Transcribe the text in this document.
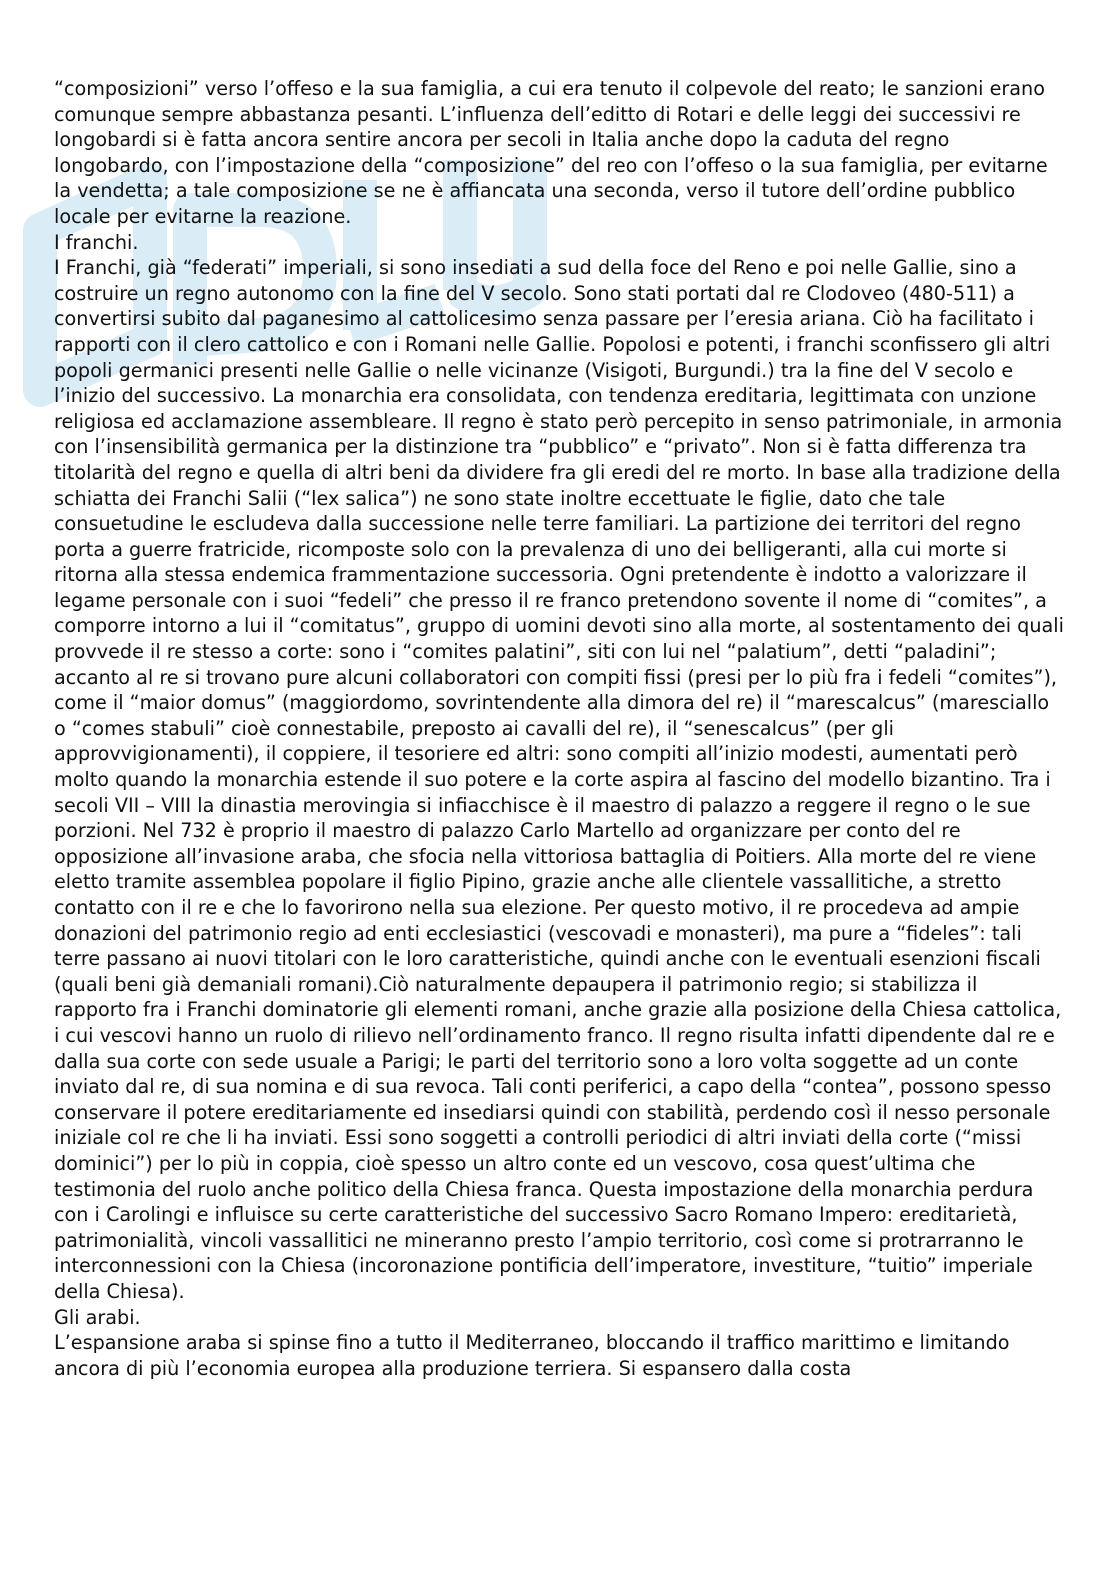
“composizioni” verso l’offeso e la sua famiglia, a cui era tenuto il colpevole del reato; le sanzioni erano comunque sempre abbastanza pesanti. L’influenza dell’editto di Rotari e delle leggi dei successivi re longobardi si è fatta ancora sentire ancora per secoli in Italia anche dopo la caduta del regno longobardo, con l’impostazione della “composizione” del reo con l’offeso o la sua famiglia, per evitarne la vendetta; a tale composizione se ne è affiancata una seconda, verso il tutore dell’ordine pubblico locale per evitarne la reazione.

I franchi.

I Franchi, già “federati” imperiali, si sono insediati a sud della foce del Reno e poi nelle Gallie, sino a costruire un regno autonomo con la fine del V secolo. Sono stati portati dal re Clodoveo (480-511) a convertirsi subito dal paganesimo al cattolicesimo senza passare per l’eresia ariana. Ciò ha facilitato i rapporti con il clero cattolico e con i Romani nelle Gallie. Popolosi e potenti, i franchi sconfissero gli altri popoli germanici presenti nelle Gallie o nelle vicinanze (Visigoti, Burgundi.) tra la fine del V secolo e l’inizio del successivo. La monarchia era consolidata, con tendenza ereditaria, legittimata con unzione religiosa ed acclamazione assembleare. Il regno è stato però percepito in senso patrimoniale, in armonia con l’insensibilità germanica per la distinzione tra “pubblico” e “privato”. Non si è fatta differenza tra titolarità del regno e quella di altri beni da dividere fra gli eredi del re morto. In base alla tradizione della schiatta dei Franchi Salii (“lex salica”) ne sono state inoltre eccettuate le figlie, dato che tale consuetudine le escludeva dalla successione nelle terre familiari. La partizione dei territori del regno porta a guerre fratricide, ricomposte solo con la prevalenza di uno dei belligeranti, alla cui morte si ritorna alla stessa endemica frammentazione successoria. Ogni pretendente è indotto a valorizzare il legame personale con i suoi “fedeli” che presso il re franco pretendono sovente il nome di “comites”, a comporre intorno a lui il “comitatus”, gruppo di uomini devoti sino alla morte, al sostentamento dei quali provvede il re stesso a corte: sono i “comites palatini”, siti con lui nel “palatium”, detti “paladini”; accanto al re si trovano pure alcuni collaboratori con compiti fissi (presi per lo più fra i fedeli “comites”), come il “maior domus” (maggiordomo, sovrintendente alla dimora del re) il “marescalcus” (maresciallo o “comes stabuli” cioè connestabile, preposto ai cavalli del re), il “senescalcus” (per gli approvvigionamenti), il coppiere, il tesoriere ed altri: sono compiti all’inizio modesti, aumentati però molto quando la monarchia estende il suo potere e la corte aspira al fascino del modello bizantino. Tra i secoli VII – VIII la dinastia merovingia si infiacchisce è il maestro di palazzo a reggere il regno o le sue porzioni. Nel 732 è proprio il maestro di palazzo Carlo Martello ad organizzare per conto del re opposizione all’invasione araba, che sfocia nella vittoriosa battaglia di Poitiers. Alla morte del re viene eletto tramite assemblea popolare il figlio Pipino, grazie anche alle clientele vassallitiche, a stretto contatto con il re e che lo favorirono nella sua elezione. Per questo motivo, il re procedeva ad ampie donazioni del patrimonio regio ad enti ecclesiastici (vescovadi e monasteri), ma pure a “fideles”: tali terre passano ai nuovi titolari con le loro caratteristiche, quindi anche con le eventuali esenzioni fiscali (quali beni già demaniali romani).Ciò naturalmente depaupera il patrimonio regio; si stabilizza il rapporto fra i Franchi dominatorie gli elementi romani, anche grazie alla posizione della Chiesa cattolica, i cui vescovi hanno un ruolo di rilievo nell’ordinamento franco. Il regno risulta infatti dipendente dal re e dalla sua corte con sede usuale a Parigi; le parti del territorio sono a loro volta soggette ad un conte inviato dal re, di sua nomina e di sua revoca. Tali conti periferici, a capo della “contea”, possono spesso conservare il potere ereditariamente ed insediarsi quindi con stabilità, perdendo così il nesso personale iniziale col re che li ha inviati. Essi sono soggetti a controlli periodici di altri inviati della corte (“missi dominici”) per lo più in coppia, cioè spesso un altro conte ed un vescovo, cosa quest’ultima che testimonia del ruolo anche politico della Chiesa franca. Questa impostazione della monarchia perdura con i Carolingi e influisce su certe caratteristiche del successivo Sacro Romano Impero: ereditarietà, patrimonialità, vincoli vassallitici ne mineranno presto l’ampio territorio, così come si protrarranno le interconnessioni con la Chiesa (incoronazione pontificia dell’imperatore, investiture, “tuitio” imperiale della Chiesa).

Gli arabi.

L’espansione araba si spinse fino a tutto il Mediterraneo, bloccando il traffico marittimo e limitando ancora di più l’economia europea alla produzione terriera. Si espansero dalla costa
